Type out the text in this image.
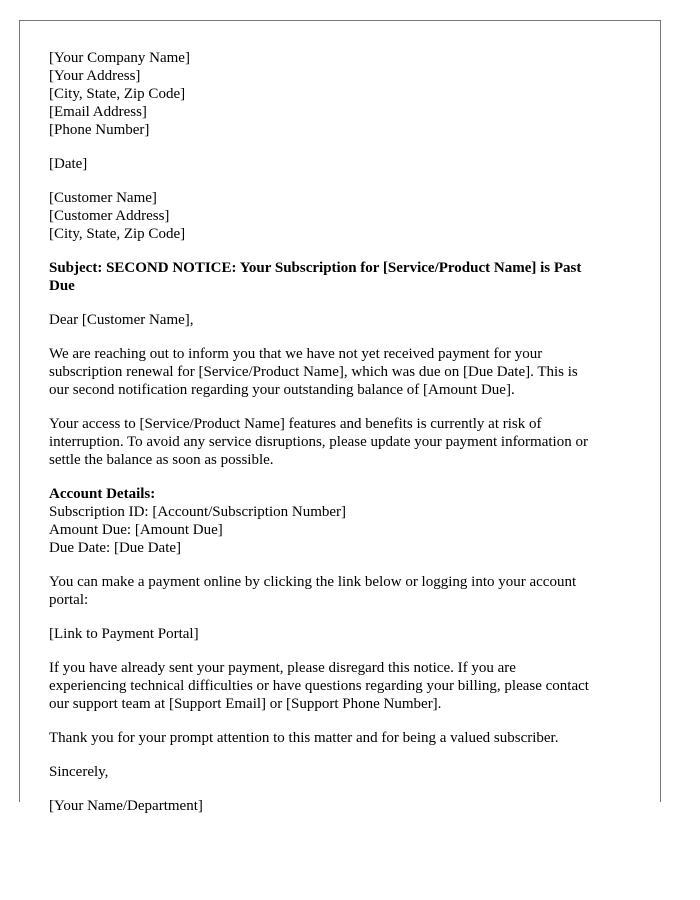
[Your Company Name]
[Your Address]
[City, State, Zip Code]
[Email Address]
[Phone Number]
[Date]
[Customer Name]
[Customer Address]
[City, State, Zip Code]
Subject: SECOND NOTICE: Your Subscription for [Service/Product Name] is Past
Due

Dear [Customer Name],

We are reaching out to inform you that we have not yet received payment for your
subscription renewal for [Service/Product Name], which was due on [Due Date]. This is
our second notification regarding your outstanding balance of [Amount Due].

Your access to [Service/Product Name] features and benefits is currently at risk of
interruption. To avoid any service disruptions, please update your payment information or
settle the balance as soon as possible.

Account Details:
Subscription ID: [Account/Subscription Number]
Amount Due: [Amount Due]
Due Date: [Due Date]

You can make a payment online by clicking the link below or logging into your account
portal:

[Link to Payment Portal]

If you have already sent your payment, please disregard this notice. If you are
experiencing technical difficulties or have questions regarding your billing, please contact
our support team at [Support Email] or [Support Phone Number].

Thank you for your prompt attention to this matter and for being a valued subscriber.

Sincerely,

[Your Name/Department]
